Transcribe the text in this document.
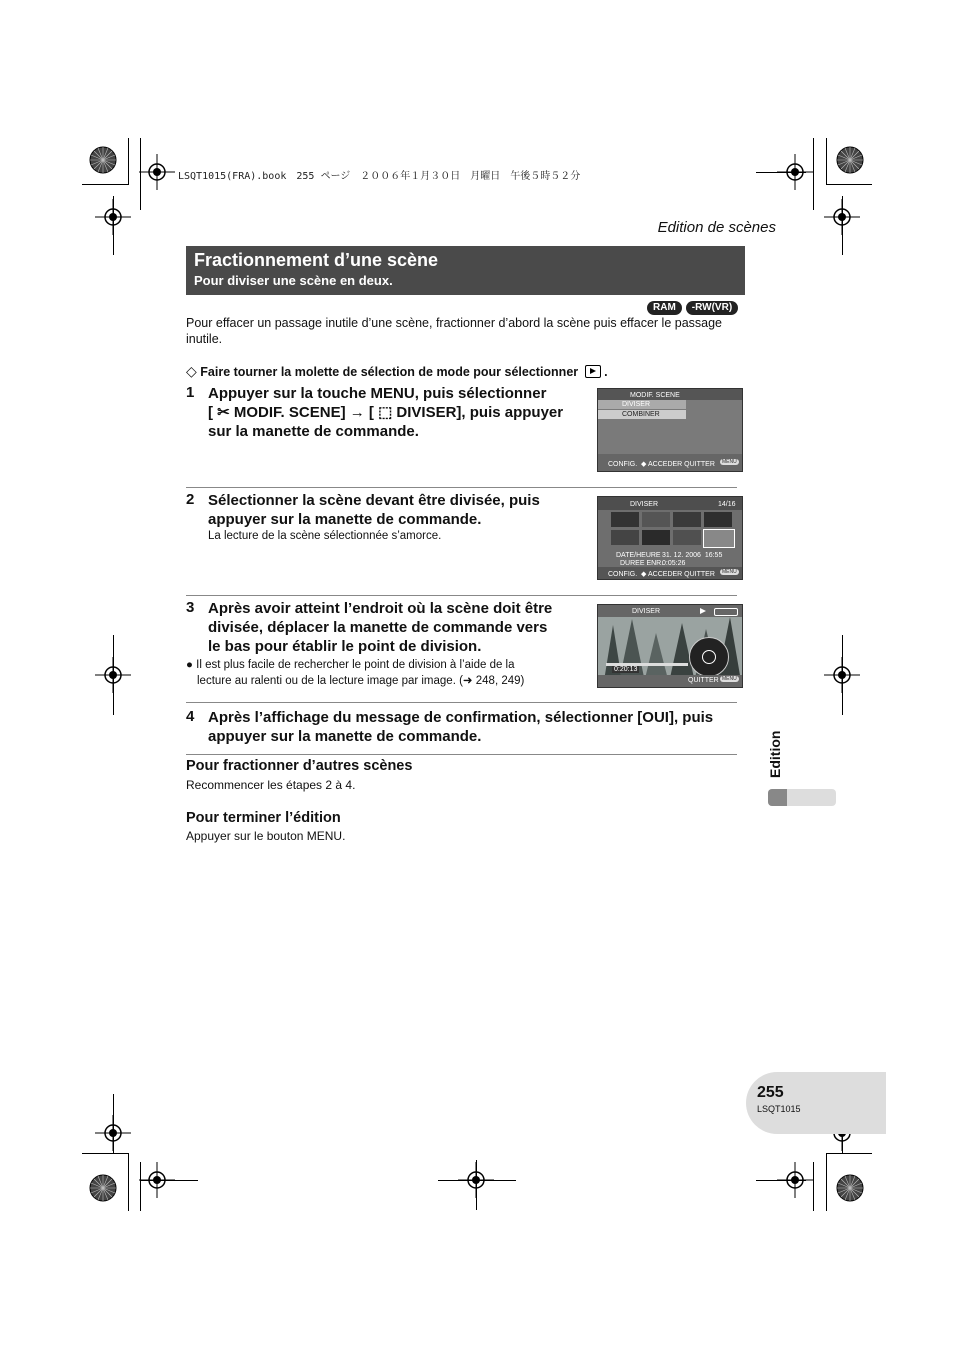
LSQT1015(FRA).book　255 ページ　２００６年１月３０日　月曜日　午後５時５２分
Edition de scènes
Fractionnement d’une scène
Pour diviser une scène en deux.
RAM	-RW(VR)
Pour effacer un passage inutile d’une scène, fractionner d’abord la scène puis effacer le passage inutile.
◇ Faire tourner la molette de sélection de mode pour sélectionner .
1 Appuyer sur la touche MENU, puis sélectionner
[ ✂ MODIF. SCENE] → [ ⬚ DIVISER], puis appuyer
sur la manette de commande.
MODIF. SCENE
DIVISER
COMBINER
CONFIG.  ◆ ACCEDER QUITTER	MENU
2 Sélectionner la scène devant être divisée, puis
appuyer sur la manette de commande.
La lecture de la scène sélectionnée s’amorce.
DIVISER	14/16
DATE/HEURE 31. 12. 2006  16:55
DUREE ENR.
0:05:26
CONFIG.  ◆ ACCEDER QUITTER	MENU
3 Après avoir atteint l’endroit où la scène doit être
divisée, déplacer la manette de commande vers
le bas pour établir le point de division.
● Il est plus facile de rechercher le point de division à l’aide de la
lecture au ralenti ou de la lecture image par image. (➜ 248, 249)
DIVISER
0:20:13
QUITTER MENU
4 Après l’affichage du message de confirmation, sélectionner [OUI], puis
appuyer sur la manette de commande.
Pour fractionner d’autres scènes
Recommencer les étapes 2 à 4.
Pour terminer l’édition
Appuyer sur le bouton MENU.
Edition
255
LSQT1015
